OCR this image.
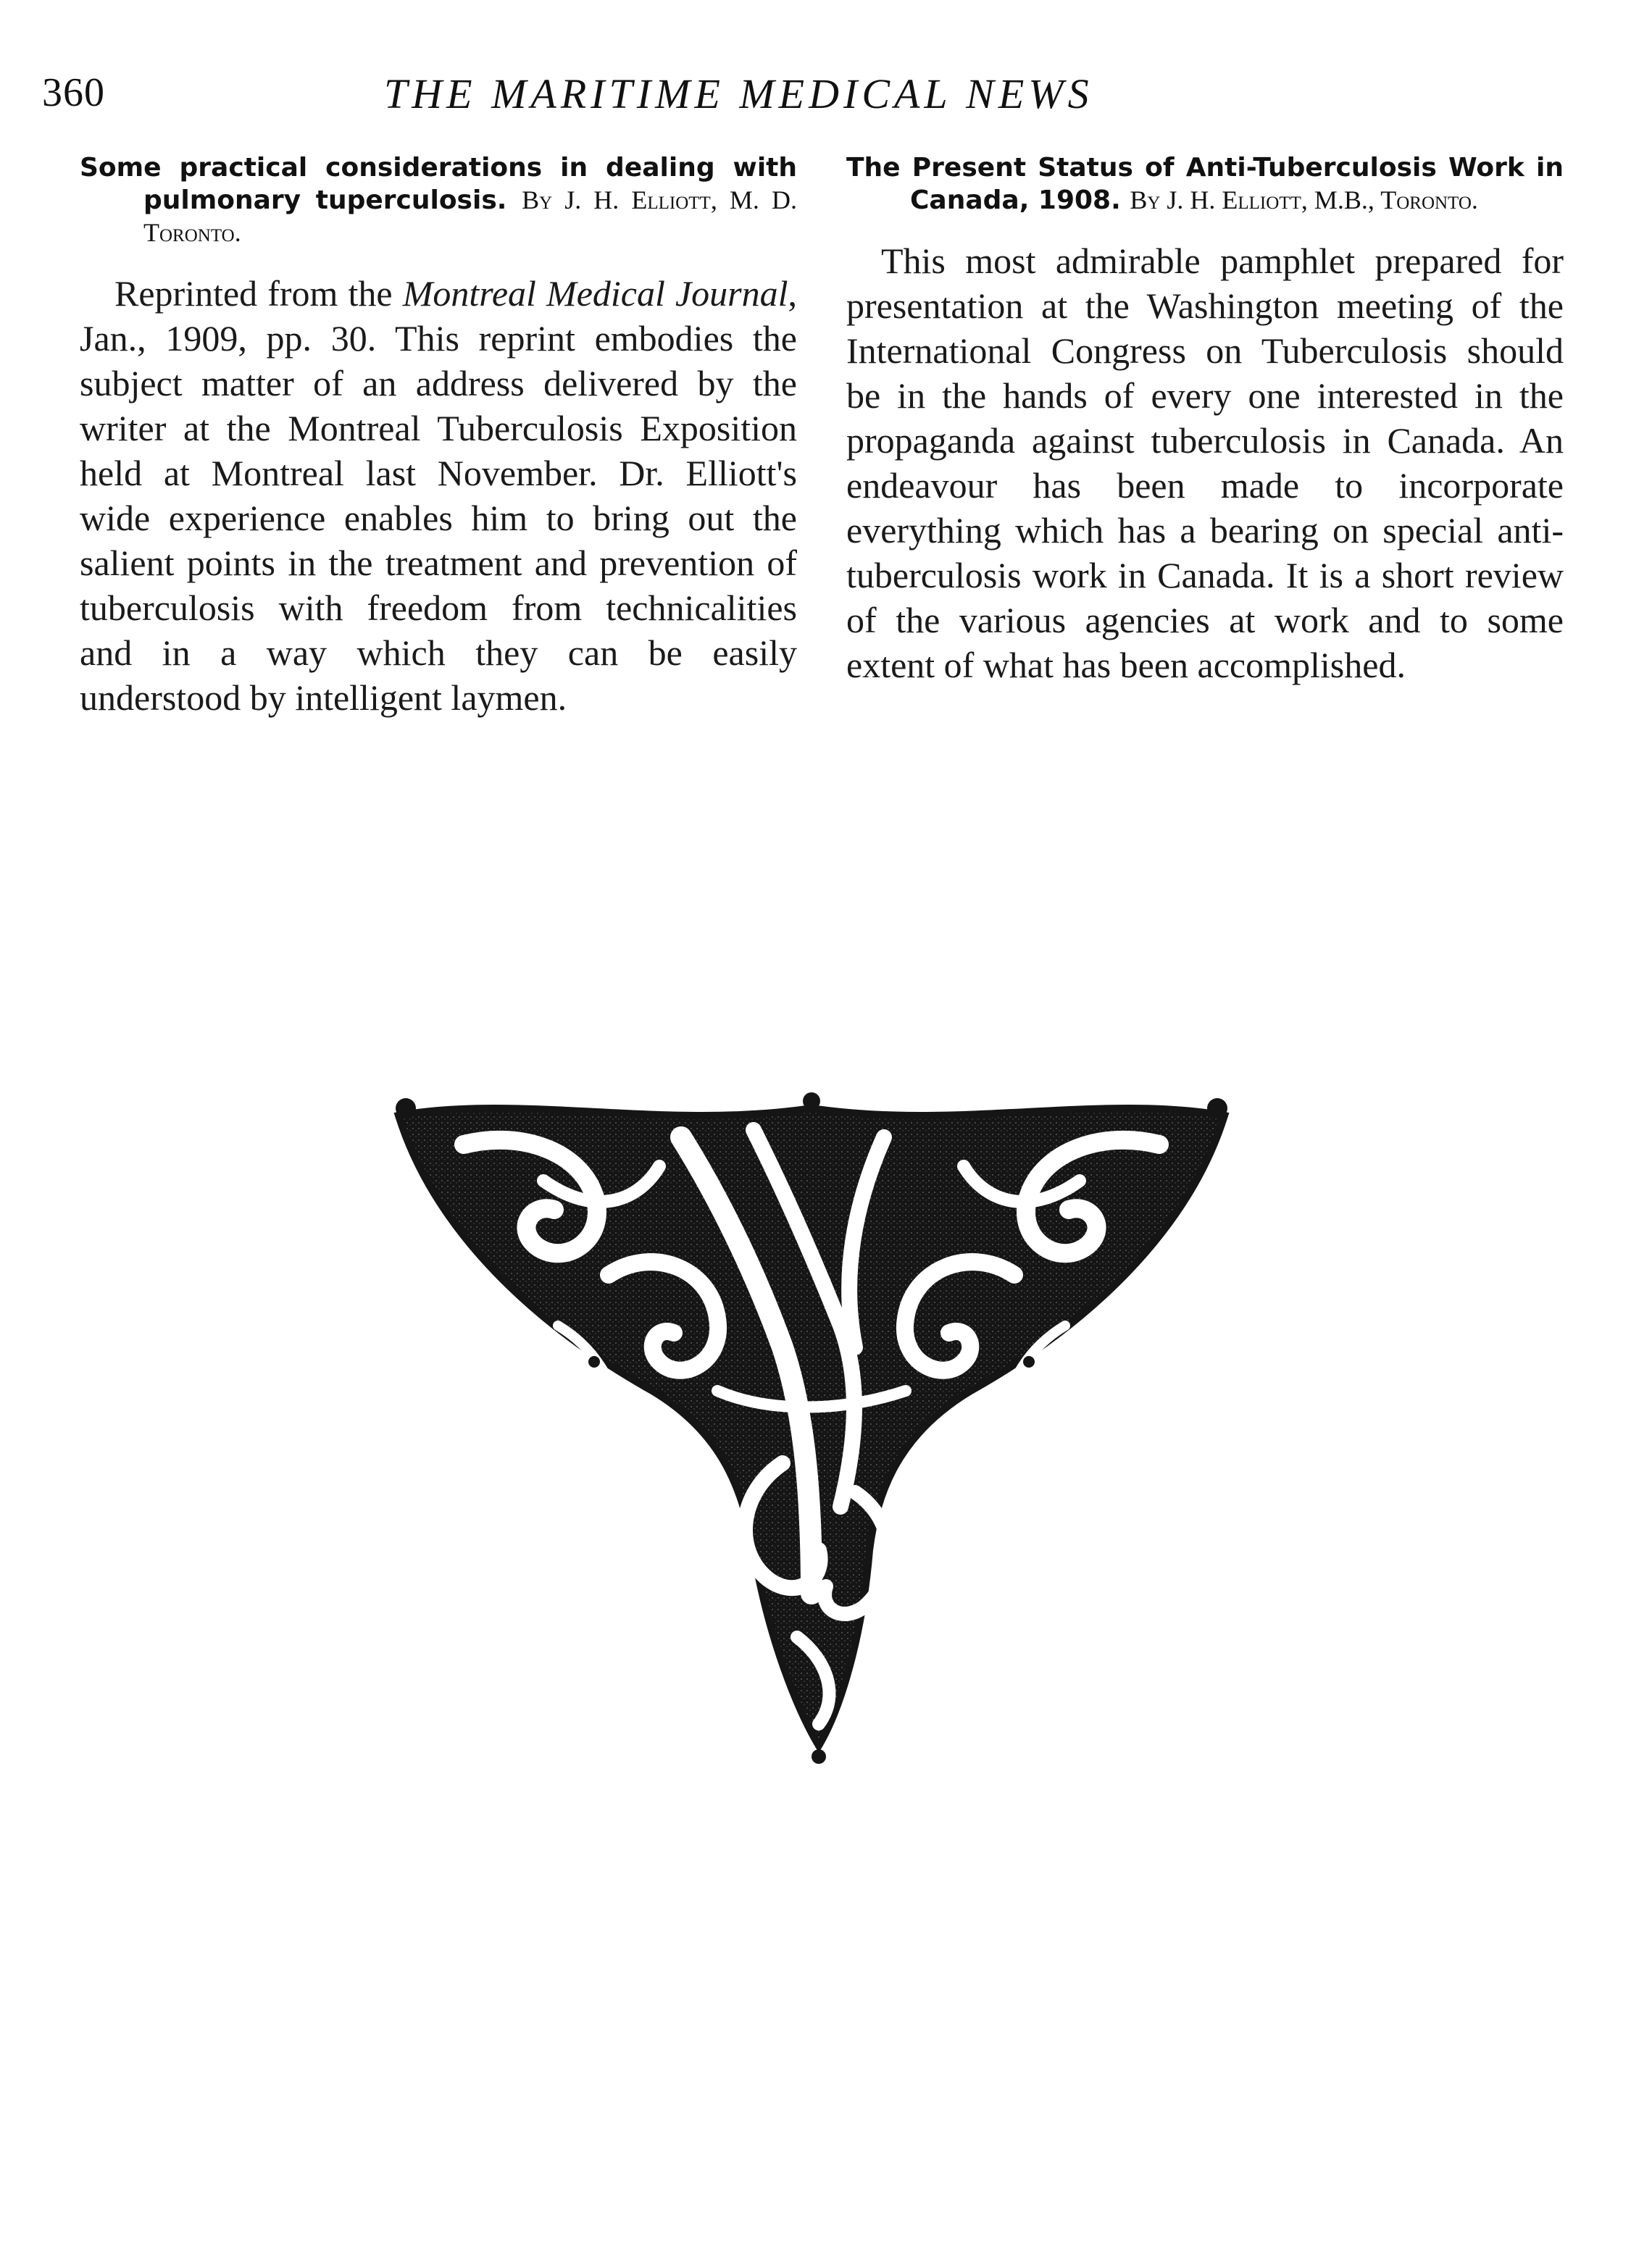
360	THE MARITIME MEDICAL NEWS

Some practical considerations in dealing with pulmonary tuperculosis. By J. H. Elliott, M. D. Toronto.

Reprinted from the Montreal Medical Journal, Jan., 1909, pp. 30. This reprint embodies the subject matter of an address delivered by the writer at the Montreal Tuberculosis Exposition held at Montreal last November. Dr. Elliott's wide experience enables him to bring out the salient points in the treatment and prevention of tuberculosis with freedom from technicalities and in a way which they can be easily understood by intelligent laymen.

The Present Status of Anti-Tuberculosis Work in Canada, 1908. By J. H. Elliott, M.B., Toronto.

This most admirable pamphlet prepared for presentation at the Washington meeting of the International Congress on Tuberculosis should be in the hands of every one interested in the propaganda against tuberculosis in Canada. An endeavour has been made to incorporate everything which has a bearing on special anti-tuberculosis work in Canada. It is a short review of the various agencies at work and to some extent of what has been accomplished.
